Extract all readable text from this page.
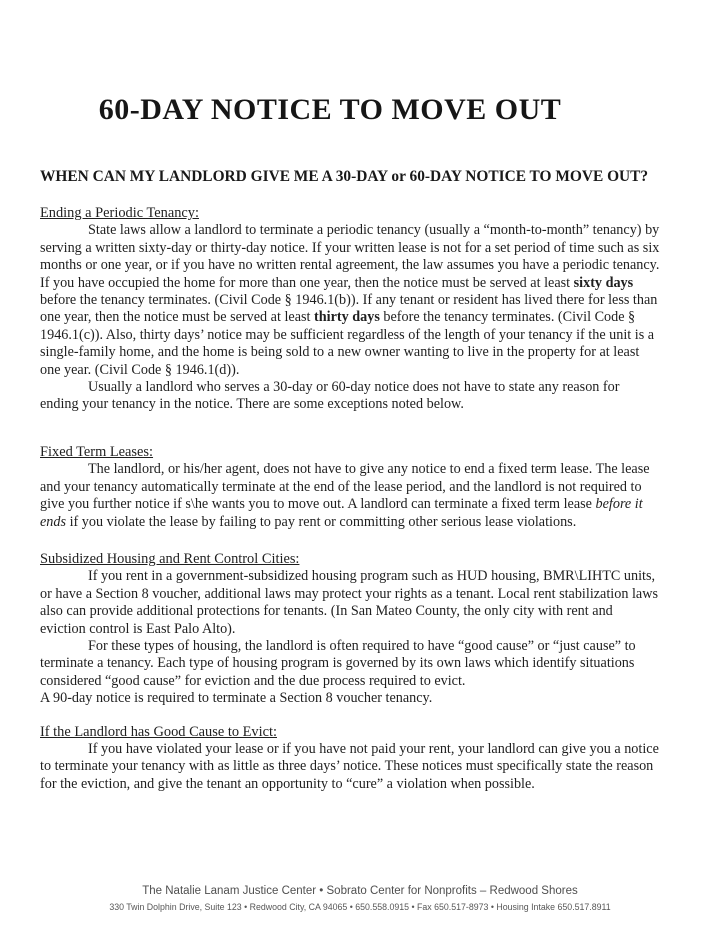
60-DAY NOTICE TO MOVE OUT
WHEN CAN MY LANDLORD GIVE ME A 30-DAY or 60-DAY NOTICE TO MOVE OUT?
Ending a Periodic Tenancy:

State laws allow a landlord to terminate a periodic tenancy (usually a “month-to-month” tenancy) by serving a written sixty-day or thirty-day notice. If your written lease is not for a set period of time such as six months or one year, or if you have no written rental agreement, the law assumes you have a periodic tenancy. If you have occupied the home for more than one year, then the notice must be served at least sixty days before the tenancy terminates. (Civil Code § 1946.1(b)). If any tenant or resident has lived there for less than one year, then the notice must be served at least thirty days before the tenancy terminates. (Civil Code § 1946.1(c)). Also, thirty days’ notice may be sufficient regardless of the length of your tenancy if the unit is a single-family home, and the home is being sold to a new owner wanting to live in the property for at least one year. (Civil Code § 1946.1(d)).

Usually a landlord who serves a 30-day or 60-day notice does not have to state any reason for ending your tenancy in the notice. There are some exceptions noted below.

Fixed Term Leases:

The landlord, or his/her agent, does not have to give any notice to end a fixed term lease. The lease and your tenancy automatically terminate at the end of the lease period, and the landlord is not required to give you further notice if s\he wants you to move out. A landlord can terminate a fixed term lease before it ends if you violate the lease by failing to pay rent or committing other serious lease violations.

Subsidized Housing and Rent Control Cities:

If you rent in a government-subsidized housing program such as HUD housing, BMR\LIHTC units, or have a Section 8 voucher, additional laws may protect your rights as a tenant. Local rent stabilization laws also can provide additional protections for tenants. (In San Mateo County, the only city with rent and eviction control is East Palo Alto).

For these types of housing, the landlord is often required to have “good cause” or “just cause” to terminate a tenancy. Each type of housing program is governed by its own laws which identify situations considered “good cause” for eviction and the due process required to evict.

A 90-day notice is required to terminate a Section 8 voucher tenancy.

If the Landlord has Good Cause to Evict:

If you have violated your lease or if you have not paid your rent, your landlord can give you a notice to terminate your tenancy with as little as three days’ notice. These notices must specifically state the reason for the eviction, and give the tenant an opportunity to “cure” a violation when possible.

The Natalie Lanam Justice Center • Sobrato Center for Nonprofits – Redwood Shores

330 Twin Dolphin Drive, Suite 123 • Redwood City, CA 94065 • 650.558.0915 • Fax 650.517-8973 • Housing Intake 650.517.8911
